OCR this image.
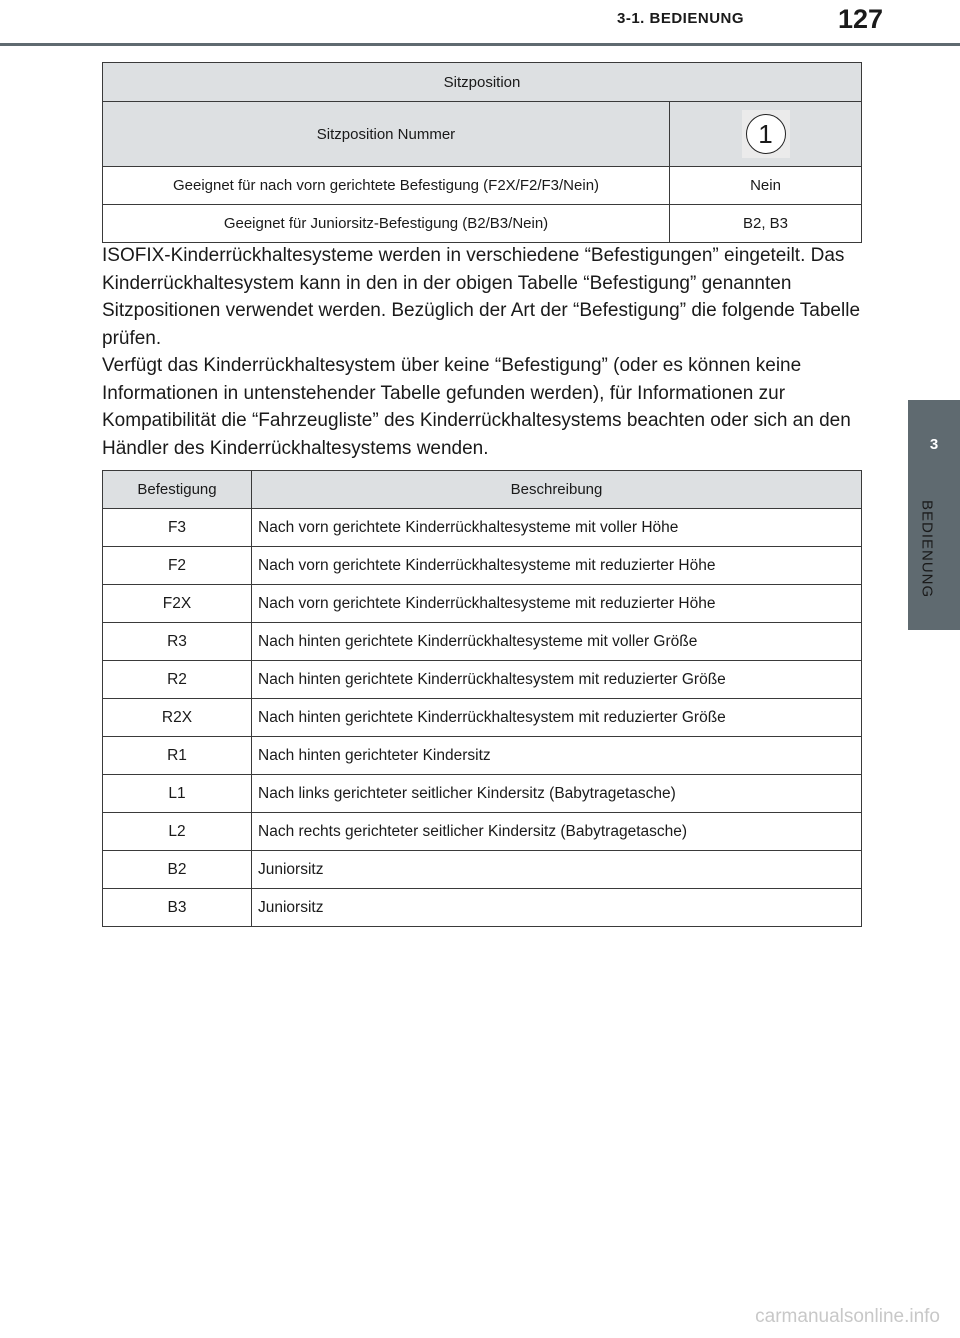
3-1. BEDIENUNG	127
3
BEDIENUNG
Sitzposition	
Sitzposition Nummer	1

Geeignet für nach vorn gerichtete Befestigung (F2X/F2/F3/Nein)	Nein
Geeignet für Juniorsitz-Befestigung (B2/B3/Nein)	B2, B3

ISOFIX-Kinderrückhaltesysteme werden in verschiedene “Befestigungen” eingeteilt. Das Kinderrückhaltesystem kann in den in der obigen Tabelle “Befestigung” genannten Sitzpositionen verwendet werden. Bezüglich der Art der “Befestigung” die folgende Tabelle prüfen.

Verfügt das Kinderrückhaltesystem über keine “Befestigung” (oder es können keine Informationen in untenstehender Tabelle gefunden werden), für Informationen zur Kompatibilität die “Fahrzeugliste” des Kinderrückhaltesystems beachten oder sich an den Händler des Kinderrückhaltesystems wenden.

Befestigung	Beschreibung
F3	Nach vorn gerichtete Kinderrückhaltesysteme mit voller Höhe
F2	Nach vorn gerichtete Kinderrückhaltesysteme mit reduzierter Höhe
F2X	Nach vorn gerichtete Kinderrückhaltesysteme mit reduzierter Höhe
R3	Nach hinten gerichtete Kinderrückhaltesysteme mit voller Größe
R2	Nach hinten gerichtete Kinderrückhaltesystem mit reduzierter Größe
R2X	Nach hinten gerichtete Kinderrückhaltesystem mit reduzierter Größe
R1	Nach hinten gerichteter Kindersitz
L1	Nach links gerichteter seitlicher Kindersitz (Babytragetasche)
L2	Nach rechts gerichteter seitlicher Kindersitz (Babytragetasche)
B2	Juniorsitz
B3	Juniorsitz
carmanualsonline.info
